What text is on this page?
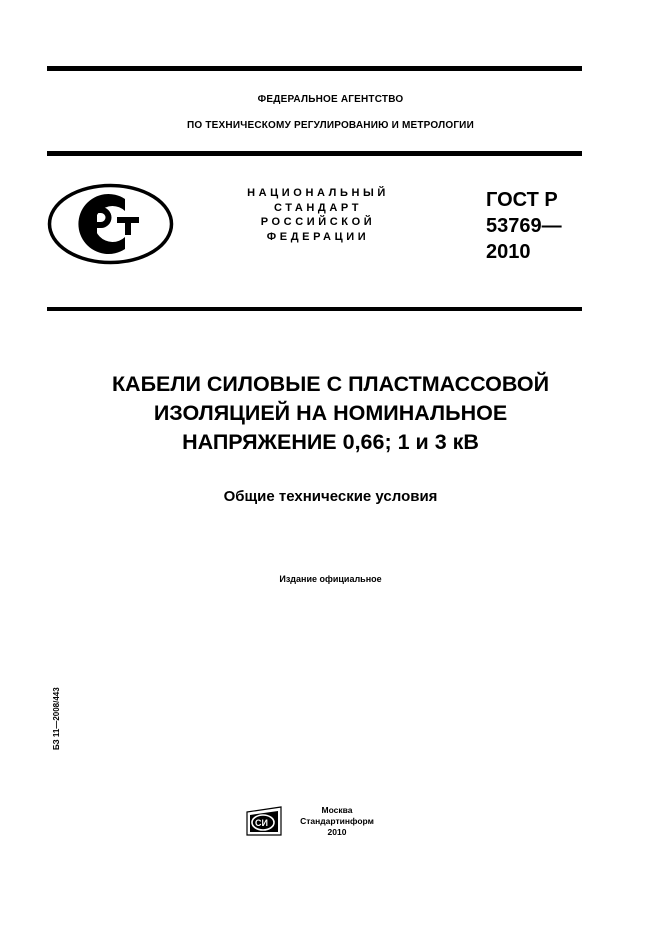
ФЕДЕРАЛЬНОЕ АГЕНТСТВО
ПО ТЕХНИЧЕСКОМУ РЕГУЛИРОВАНИЮ И МЕТРОЛОГИИ
НАЦИОНАЛЬНЫЙ
СТАНДАРТ
РОССИЙСКОЙ
ФЕДЕРАЦИИ
ГОСТ Р
53769—
2010
КАБЕЛИ СИЛОВЫЕ С ПЛАСТМАССОВОЙ
ИЗОЛЯЦИЕЙ НА НОМИНАЛЬНОЕ
НАПРЯЖЕНИЕ 0,66; 1 и 3 кВ
Общие технические условия
Издание официальное
БЗ 11—2008/443
СИ
Москва
Стандартинформ
2010
